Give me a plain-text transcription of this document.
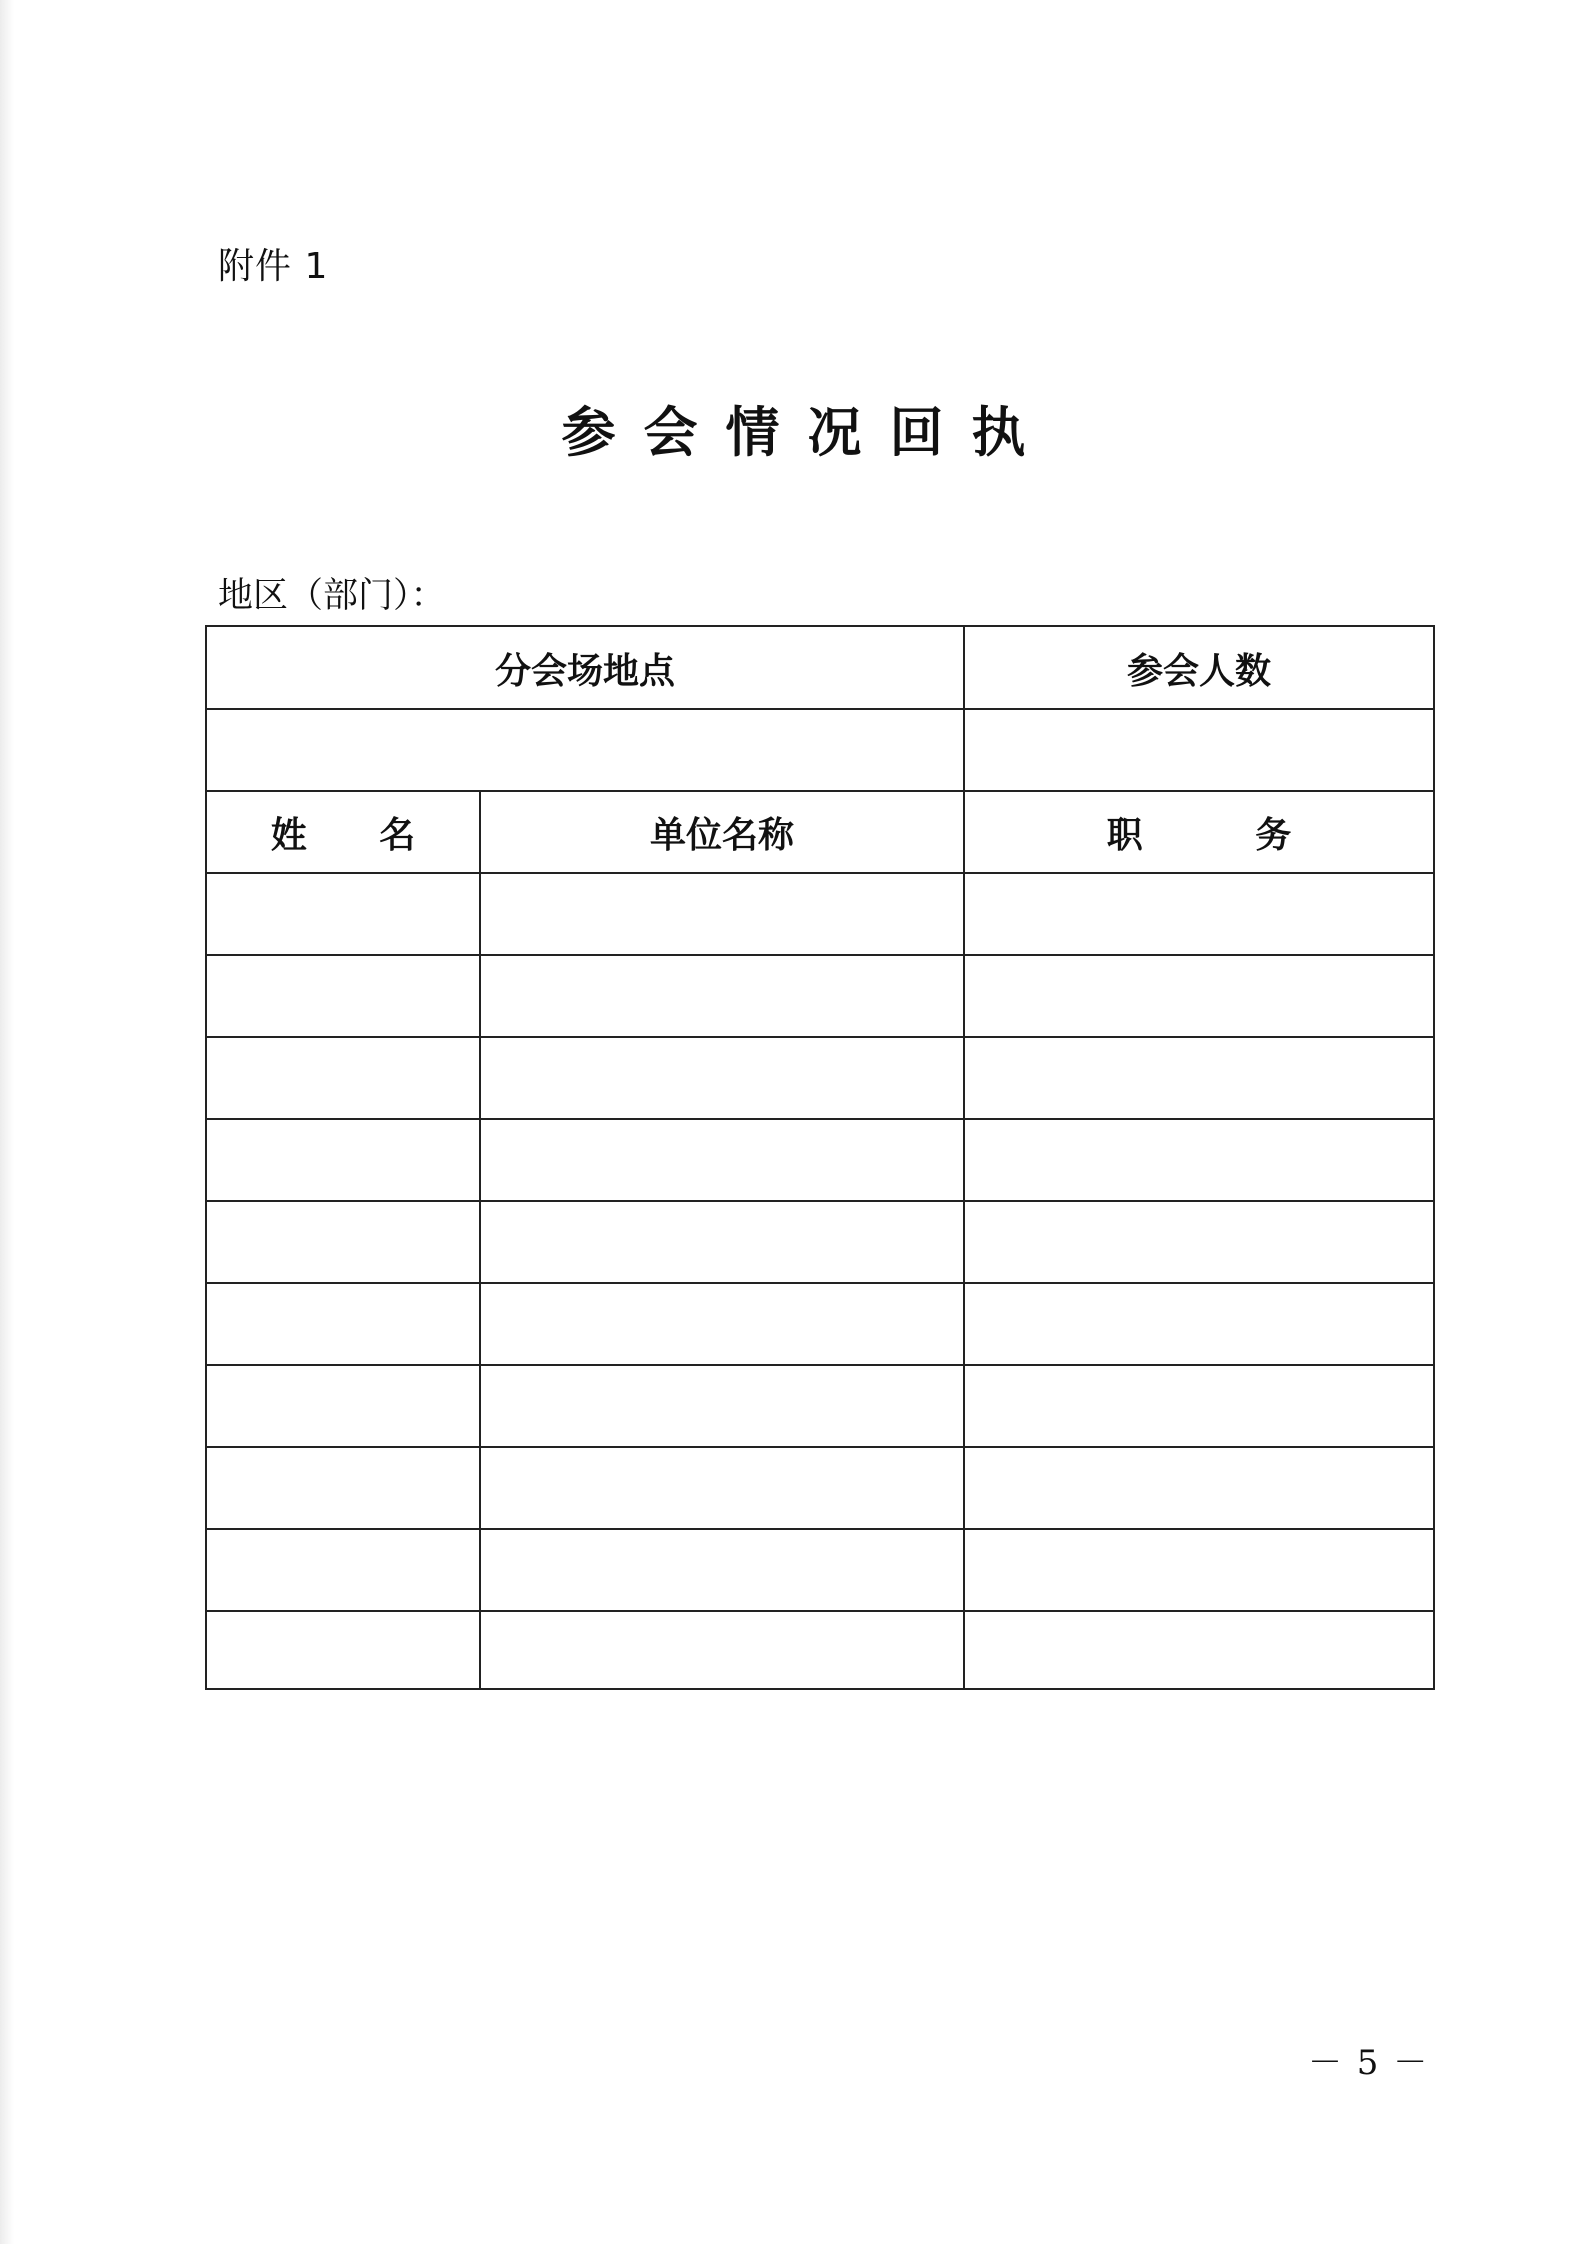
附件 1
参会情况回执
地区（部门）：
分会场地点	参会人数
姓 名	单位名称	职 务
－ 5 －
